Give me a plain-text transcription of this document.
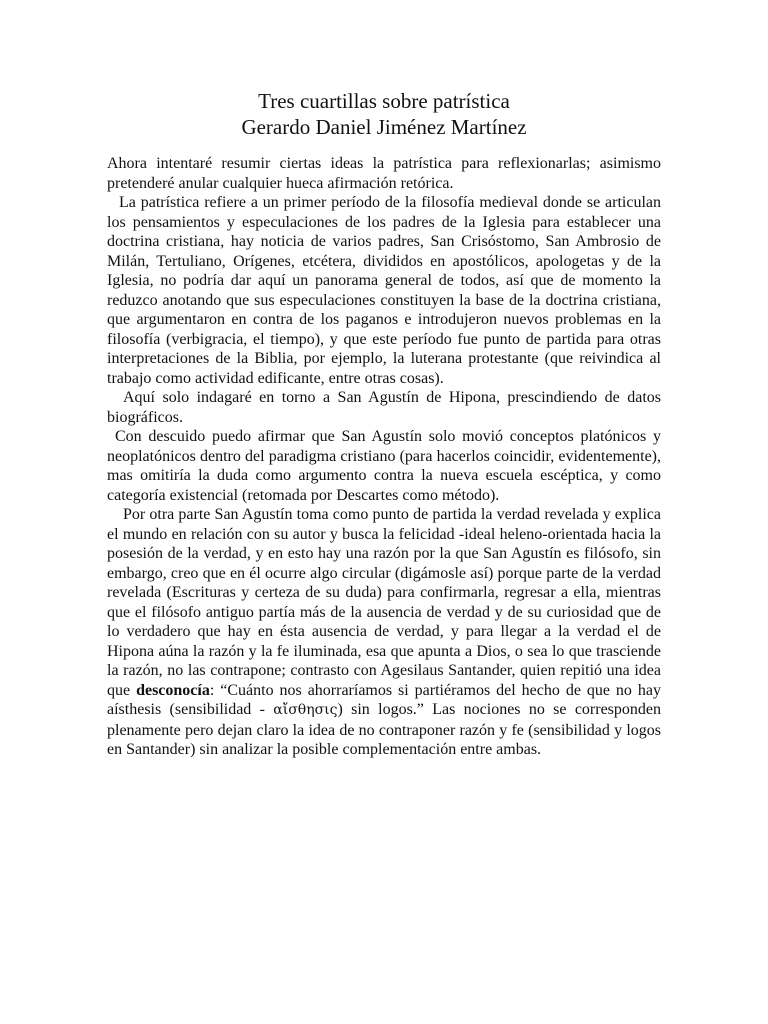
Tres cuartillas sobre patrística
Gerardo Daniel Jiménez Martínez

Ahora intentaré resumir ciertas ideas la patrística para reflexionarlas; asimismo pretenderé anular cualquier hueca afirmación retórica.

La patrística refiere a un primer período de la filosofía medieval donde se articulan los pensamientos y especulaciones de los padres de la Iglesia para establecer una doctrina cristiana, hay noticia de varios padres, San Crisóstomo, San Ambrosio de Milán, Tertuliano, Orígenes, etcétera, divididos en apostólicos, apologetas y de la Iglesia, no podría dar aquí un panorama general de todos, así que de momento la reduzco anotando que sus especulaciones constituyen la base de la doctrina cristiana, que argumentaron en contra de los paganos e introdujeron nuevos problemas en la filosofía (verbigracia, el tiempo), y que este período fue punto de partida para otras interpretaciones de la Biblia, por ejemplo, la luterana protestante (que reivindica al trabajo como actividad edificante, entre otras cosas).

Aquí solo indagaré en torno a San Agustín de Hipona, prescindiendo de datos biográficos.

Con descuido puedo afirmar que San Agustín solo movió conceptos platónicos y neoplatónicos dentro del paradigma cristiano (para hacerlos coincidir, evidentemente), mas omitiría la duda como argumento contra la nueva escuela escéptica, y como categoría existencial (retomada por Descartes como método).

Por otra parte San Agustín toma como punto de partida la verdad revelada y explica el mundo en relación con su autor y busca la felicidad -ideal heleno-orientada hacia la posesión de la verdad, y en esto hay una razón por la que San Agustín es filósofo, sin embargo, creo que en él ocurre algo circular (digámosle así) porque parte de la verdad revelada (Escrituras y certeza de su duda) para confirmarla, regresar a ella, mientras que el filósofo antiguo partía más de la ausencia de verdad y de su curiosidad que de lo verdadero que hay en ésta ausencia de verdad, y para llegar a la verdad el de Hipona aúna la razón y la fe iluminada, esa que apunta a Dios, o sea lo que trasciende la razón, no las contrapone; contrasto con Agesilaus Santander, quien repitió una idea que desconocía: “Cuánto nos ahorraríamos si partiéramos del hecho de que no hay aísthesis (sensibilidad - αἴσθησις) sin logos.” Las nociones no se corresponden plenamente pero dejan claro la idea de no contraponer razón y fe (sensibilidad y logos en Santander) sin analizar la posible complementación entre ambas.
